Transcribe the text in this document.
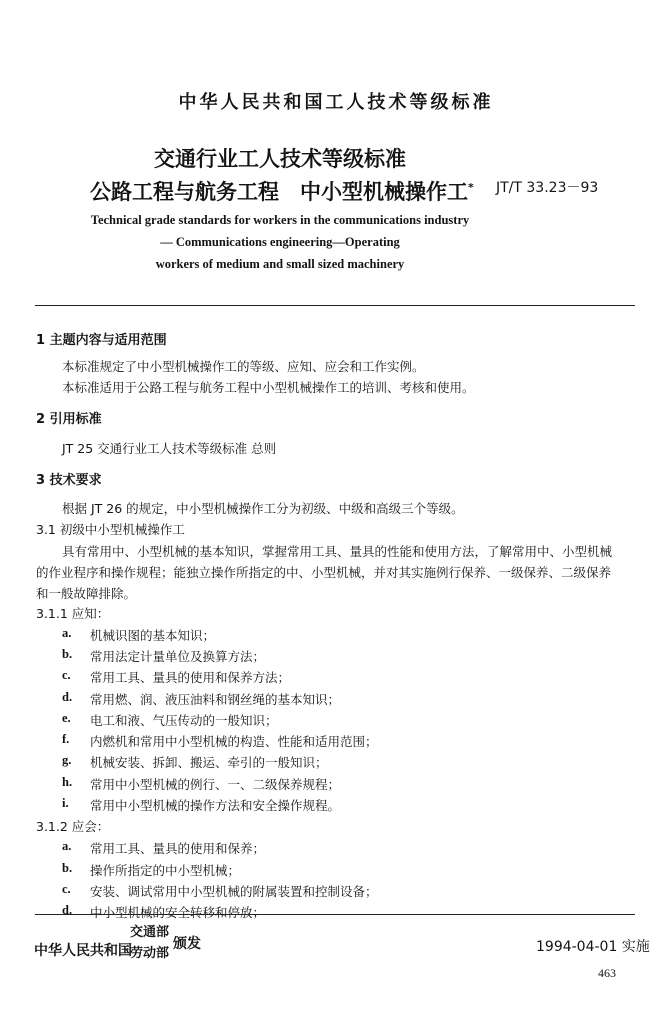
中华人民共和国工人技术等级标准
交通行业工人技术等级标准
公路工程与航务工程　中小型机械操作工* JT/T 33.23－93
Technical grade standards for workers in the communications industry
— Communications engineering—Operating
workers of medium and small sized machinery
1 主题内容与适用范围
本标准规定了中小型机械操作工的等级、应知、应会和工作实例。
本标准适用于公路工程与航务工程中小型机械操作工的培训、考核和使用。
2 引用标准
JT 25 交通行业工人技术等级标准 总则
3 技术要求
根据 JT 26 的规定，中小型机械操作工分为初级、中级和高级三个等级。
3.1 初级中小型机械操作工
具有常用中、小型机械的基本知识，掌握常用工具、量具的性能和使用方法，了解常用中、小型机械
的作业程序和操作规程；能独立操作所指定的中、小型机械，并对其实施例行保养、一级保养、二级保养
和一般故障排除。
3.1.1 应知：
a. 机械识图的基本知识；
b. 常用法定计量单位及换算方法；
c. 常用工具、量具的使用和保养方法；
d. 常用燃、润、液压油料和钢丝绳的基本知识；
e. 电工和液、气压传动的一般知识；
f. 内燃机和常用中小型机械的构造、性能和适用范围；
g. 机械安装、拆卸、搬运、牵引的一般知识；
h. 常用中小型机械的例行、一、二级保养规程；
i. 常用中小型机械的操作方法和安全操作规程。
3.1.2 应会：
a. 常用工具、量具的使用和保养；
b. 操作所指定的中小型机械；
c. 安装、调试常用中小型机械的附属装置和控制设备；
d. 中小型机械的安全转移和停放；
中华人民共和国
交通部
劳动部
颁发	1994-04-01 实施
463
